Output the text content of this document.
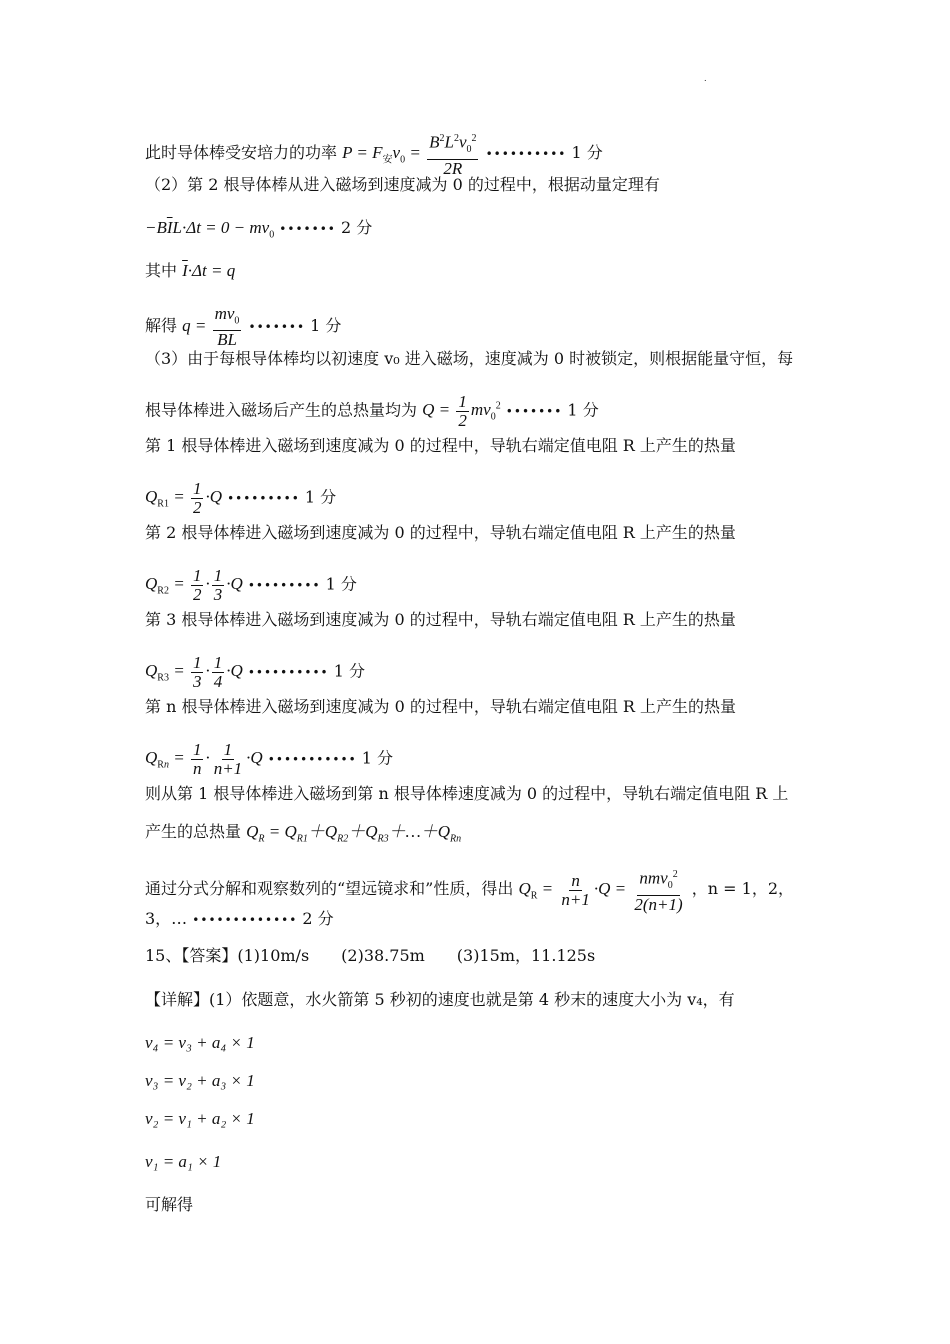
.
此时导体棒受安培力的功率 $P = F_安v_0 = \frac{B^2L^2v_0^2}{2R}$ •••••••••• 1 分
（2）第 2 根导体棒从进入磁场到速度减为 0 的过程中，根据动量定理有
$-B\overline{I}L\cdot\Delta t = 0 - mv_0$ ••••••• 2 分
其中 $\overline{I}\cdot\Delta t = q$
解得 $q = \frac{mv_0}{BL}$ ••••••• 1 分
（3）由于每根导体棒均以初速度 v₀ 进入磁场，速度减为 0 时被锁定，则根据能量守恒，每
根导体棒进入磁场后产生的总热量均为 $Q = \frac{1}{2} mv_0^2$ ••••••• 1 分
第 1 根导体棒进入磁场到速度减为 0 的过程中，导轨右端定值电阻 R 上产生的热量
$Q_{R1} = \frac{1}{2} \cdot Q$ ••••••••• 1 分
第 2 根导体棒进入磁场到速度减为 0 的过程中，导轨右端定值电阻 R 上产生的热量
$Q_{R2} = \frac{1}{2} \cdot \frac{1}{3} \cdot Q$ ••••••••• 1 分
第 3 根导体棒进入磁场到速度减为 0 的过程中，导轨右端定值电阻 R 上产生的热量
$Q_{R3} = \frac{1}{3} \cdot \frac{1}{4} \cdot Q$ •••••••••• 1 分
第 n 根导体棒进入磁场到速度减为 0 的过程中，导轨右端定值电阻 R 上产生的热量
$Q_{Rn} = \frac{1}{n} \cdot \frac{1}{n+1} \cdot Q$ ••••••••••• 1 分
则从第 1 根导体棒进入磁场到第 n 根导体棒速度减为 0 的过程中，导轨右端定值电阻 R 上
产生的总热量 $Q_R$ = $Q_{R1}+Q_{R2}+Q_{R3}+\dots+Q_{Rn}$
通过分式分解和观察数列的“望远镜求和”性质，得出 $Q_R = \frac{n}{n+1} \cdot Q = \frac{nmv_0^2}{2(n+1)}$ ，n = 1，2，
3，… ••••••••••••• 2 分
15、【答案】(1)10m/s　　(2)38.75m　　(3)15m，11.125s
【详解】(1）依题意，水火箭第 5 秒初的速度也就是第 4 秒末的速度大小为 v₄，有
v₄ = v₃ + a₄ × 1
v₃ = v₂ + a₃ × 1
v₂ = v₁ + a₂ × 1
v₁ = a₁ × 1
可解得
